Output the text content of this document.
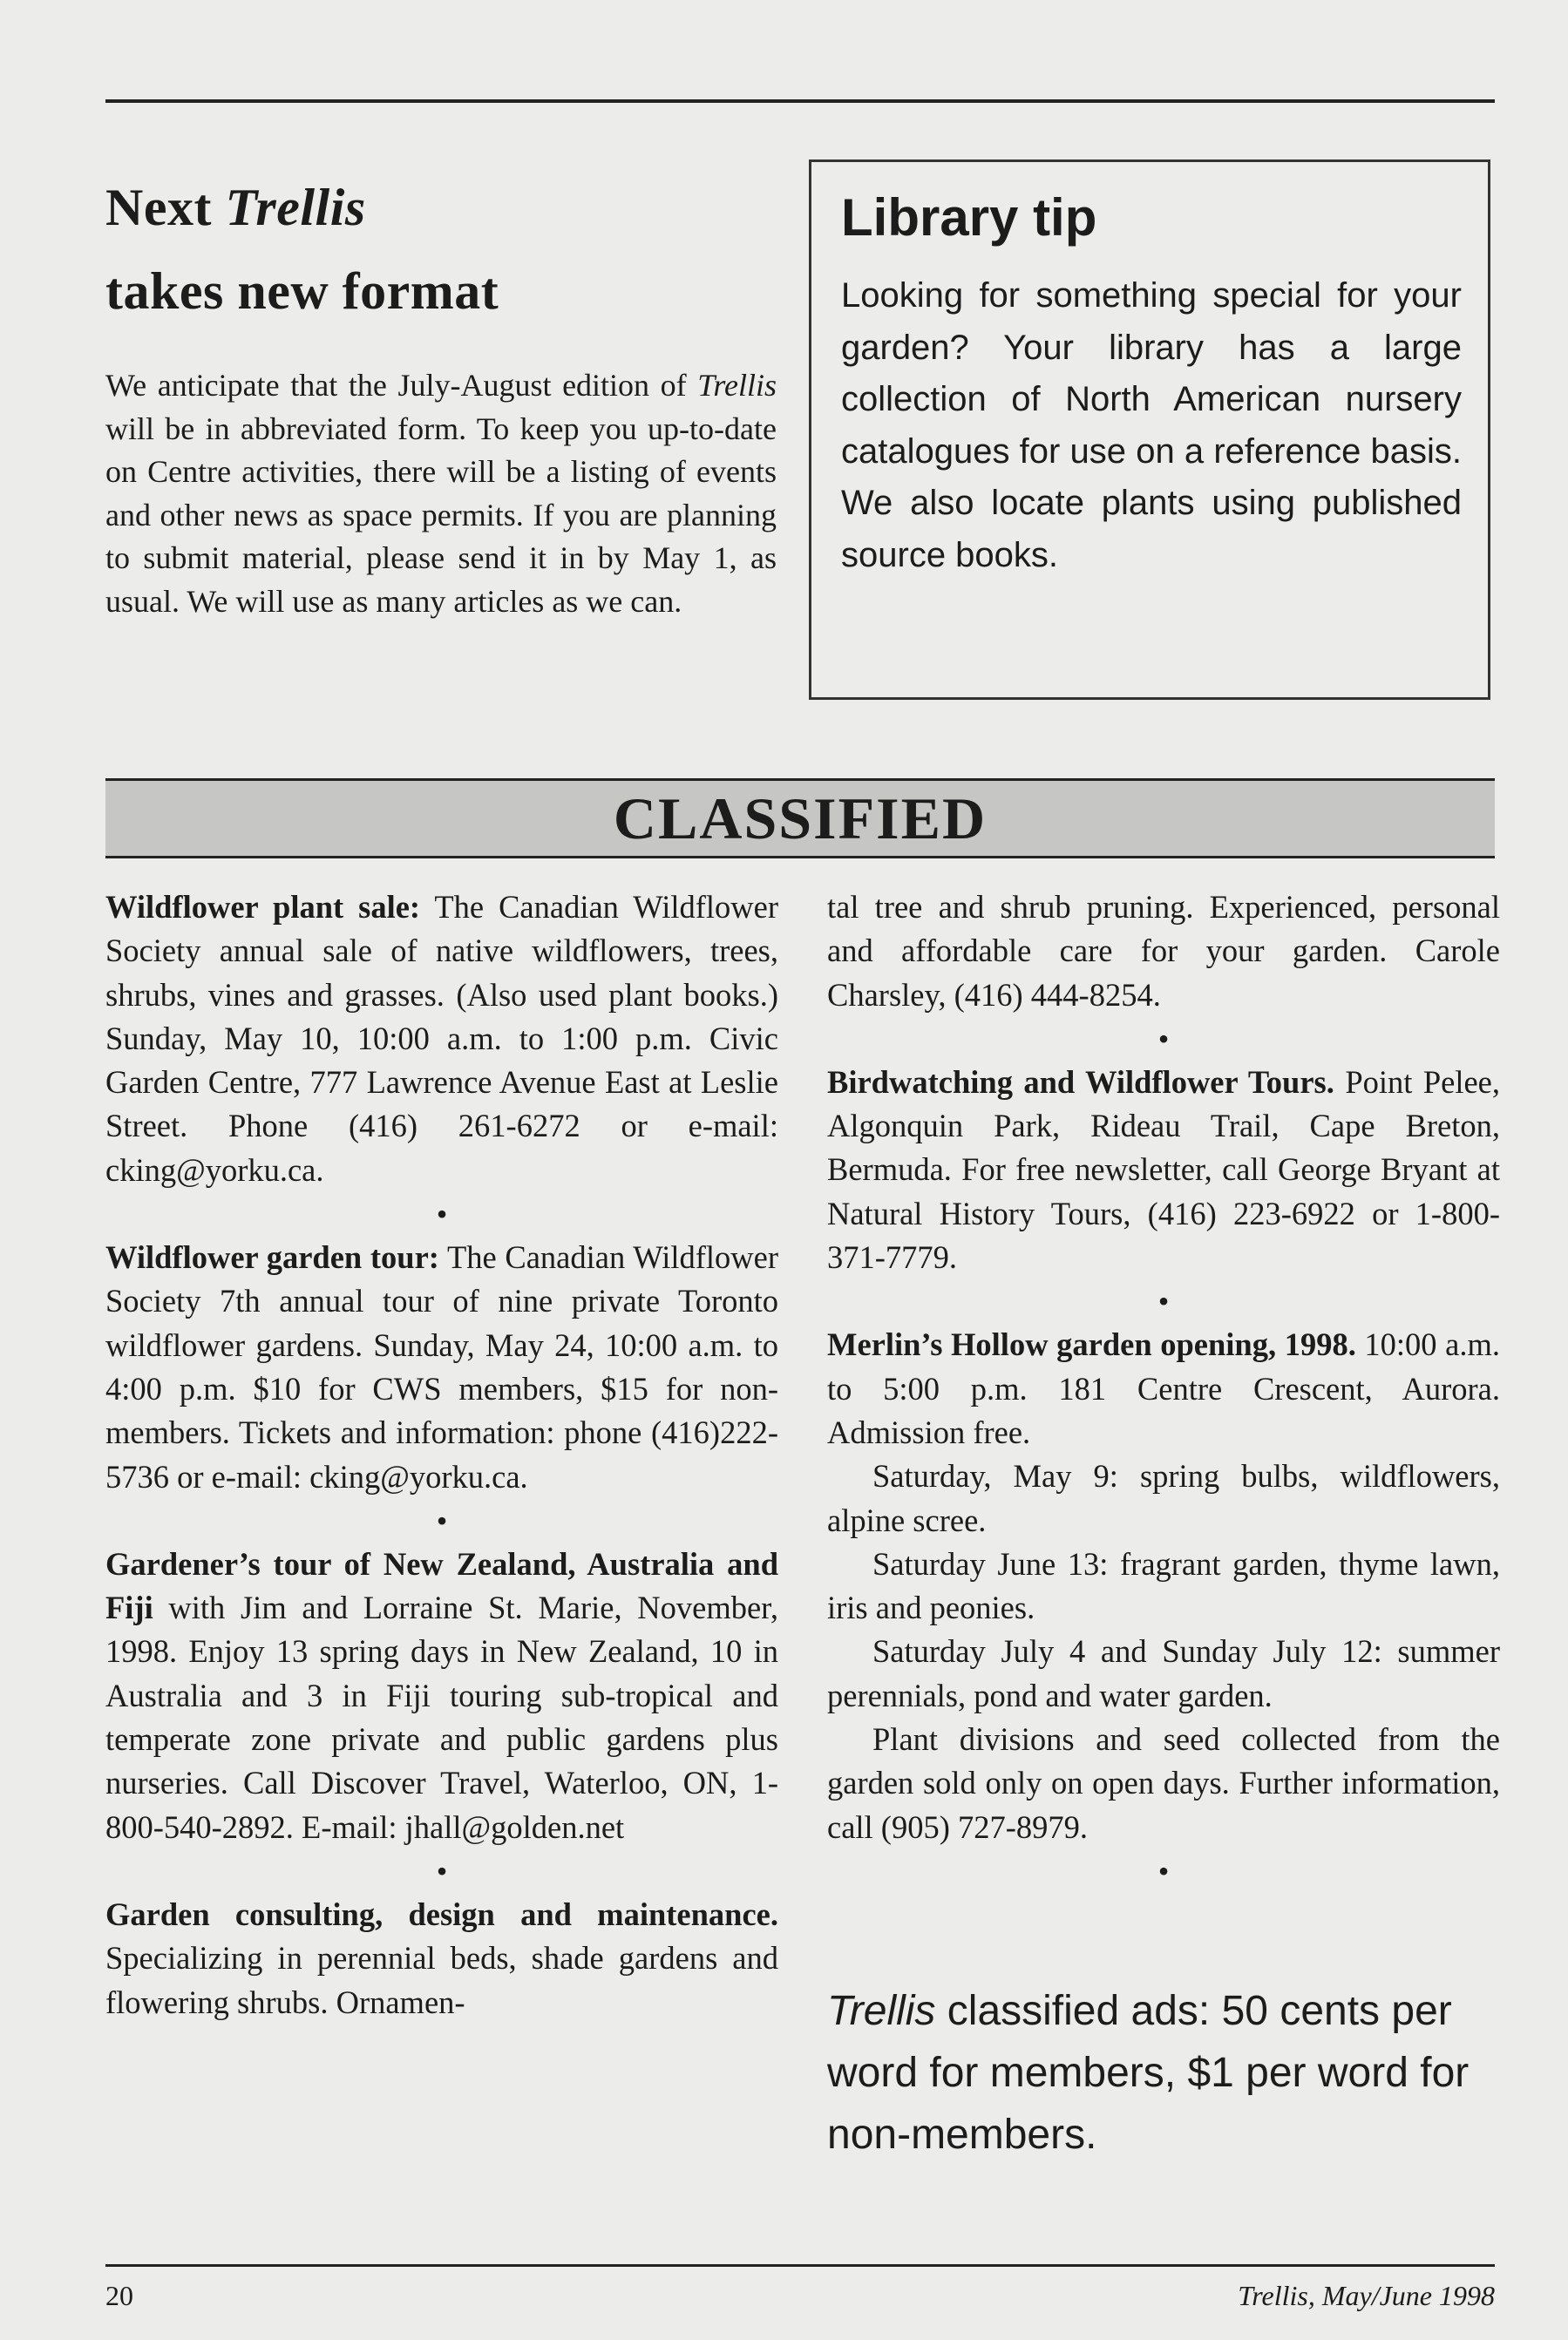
Next Trellis
takes new format

We anticipate that the July-August edition of Trellis will be in abbreviated form. To keep you up-to-date on Centre activities, there will be a listing of events and other news as space permits. If you are planning to submit material, please send it in by May 1, as usual. We will use as many articles as we can.

Library tip

Looking for something special for your garden? Your library has a large collection of North American nursery catalogues for use on a reference basis. We also locate plants using published source books.

CLASSIFIED

Wildflower plant sale: The Canadian Wildflower Society annual sale of native wildflowers, trees, shrubs, vines and grasses. (Also used plant books.) Sunday, May 10, 10:00 a.m. to 1:00 p.m. Civic Garden Centre, 777 Lawrence Avenue East at Leslie Street. Phone (416) 261-6272 or e-mail: cking@yorku.ca.

•

Wildflower garden tour: The Canadian Wildflower Society 7th annual tour of nine private Toronto wildflower gardens. Sunday, May 24, 10:00 a.m. to 4:00 p.m. $10 for CWS members, $15 for non-members. Tickets and information: phone (416)222-5736 or e-mail: cking@yorku.ca.

•

Gardener’s tour of New Zealand, Australia and Fiji with Jim and Lorraine St. Marie, November, 1998. Enjoy 13 spring days in New Zealand, 10 in Australia and 3 in Fiji touring sub-tropical and temperate zone private and public gardens plus nurseries. Call Discover Travel, Waterloo, ON, 1-800-540-2892. E-mail: jhall@golden.net

•

Garden consulting, design and maintenance. Specializing in perennial beds, shade gardens and flowering shrubs. Ornamen-

tal tree and shrub pruning. Experienced, personal and affordable care for your garden. Carole Charsley, (416) 444-8254.

•

Birdwatching and Wildflower Tours. Point Pelee, Algonquin Park, Rideau Trail, Cape Breton, Bermuda. For free newsletter, call George Bryant at Natural History Tours, (416) 223-6922 or 1-800-371-7779.

•

Merlin’s Hollow garden opening, 1998. 10:00 a.m. to 5:00 p.m. 181 Centre Crescent, Aurora. Admission free.

Saturday, May 9: spring bulbs, wildflowers, alpine scree.

Saturday June 13: fragrant garden, thyme lawn, iris and peonies.

Saturday July 4 and Sunday July 12: summer perennials, pond and water garden.

Plant divisions and seed collected from the garden sold only on open days. Further information, call (905) 727-8979.

•

Trellis classified ads: 50 cents per word for members, $1 per word for non-members.

20	Trellis, May/June 1998
